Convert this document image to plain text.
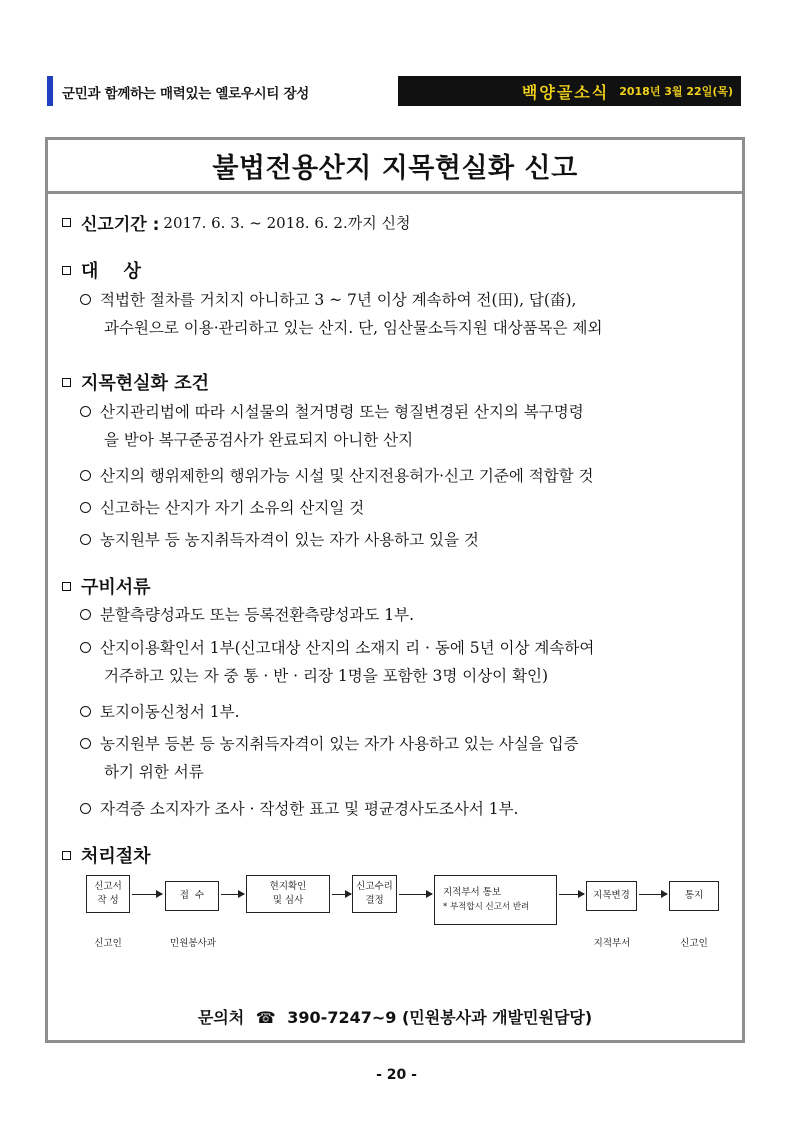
군민과 함께하는 매력있는 옐로우시티 장성	백양골소식 2018년 3월 22일(목)
불법전용산지 지목현실화 신고
신고기간 : 2017. 6. 3. ~ 2018. 6. 2.까지 신청
대    상
적법한 절차를 거치지 아니하고 3 ~ 7년 이상 계속하여 전(田), 답(畓),
과수원으로 이용·관리하고 있는 산지. 단, 임산물소득지원 대상품목은 제외
지목현실화 조건
산지관리법에 따라 시설물의 철거명령 또는 형질변경된 산지의 복구명령
을 받아 복구준공검사가 완료되지 아니한 산지
산지의 행위제한의 행위가능 시설 및 산지전용허가·신고 기준에 적합할 것
신고하는 산지가 자기 소유의 산지일 것
농지원부 등 농지취득자격이 있는 자가 사용하고 있을 것
구비서류
분할측량성과도 또는 등록전환측량성과도 1부.
산지이용확인서 1부(신고대상 산지의 소재지 리 · 동에 5년 이상 계속하여
거주하고 있는 자 중 통 · 반 · 리장 1명을 포함한 3명 이상이 확인)
토지이동신청서 1부.
농지원부 등본 등 농지취득자격이 있는 자가 사용하고 있는 사실을 입증
하기 위한 서류
자격증 소지자가 조사 · 작성한 표고 및 평균경사도조사서 1부.
처리절차
신고서
작 성	접  수
현지확인
및 심사
신고수리
결정
지적부서 통보
* 부적합시 신고서 반려
지목변경	통지
신고인	민원봉사과	지적부서	신고인
문의처 ☎ 390-7247~9 (민원봉사과 개발민원담당)
- 20 -
